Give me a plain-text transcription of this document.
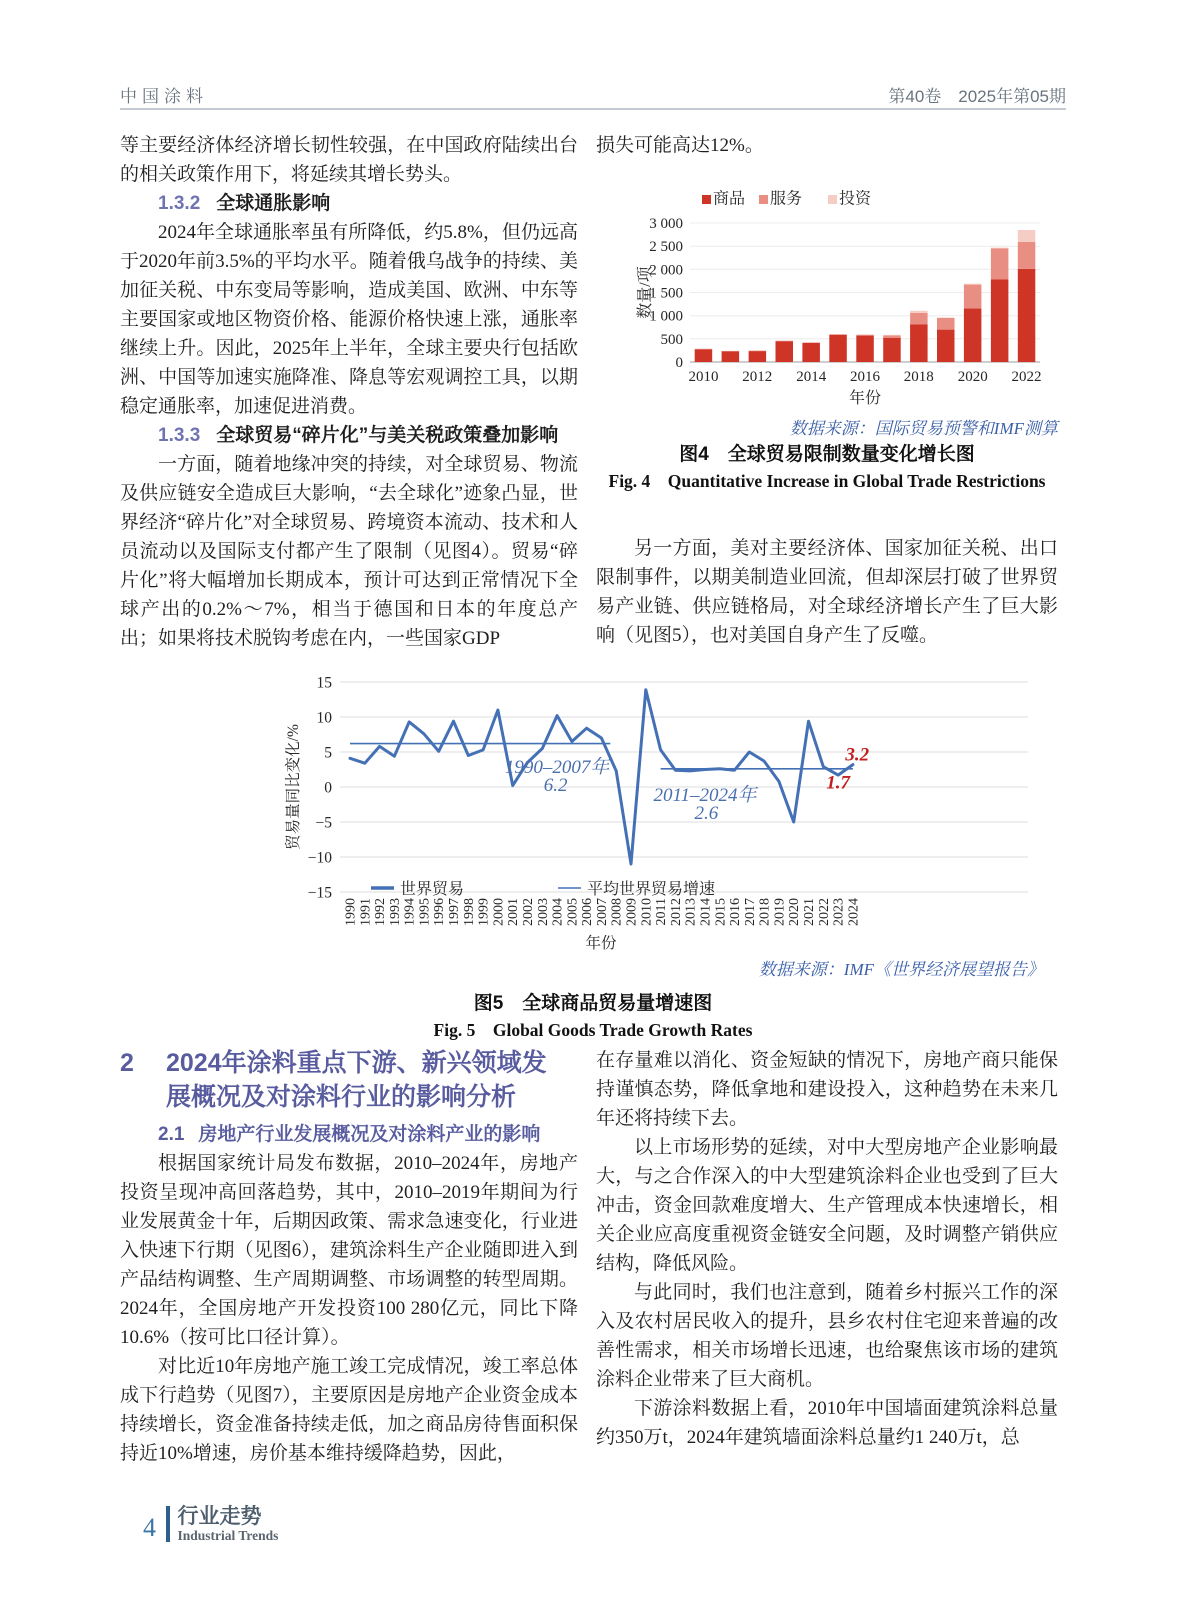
中国涂料	第40卷　2025年第05期

等主要经济体经济增长韧性较强，在中国政府陆续出台的相关政策作用下，将延续其增长势头。

1.3.2 全球通胀影响

2024年全球通胀率虽有所降低，约5.8%，但仍远高于2020年前3.5%的平均水平。随着俄乌战争的持续、美加征关税、中东变局等影响，造成美国、欧洲、中东等主要国家或地区物资价格、能源价格快速上涨，通胀率继续上升。因此，2025年上半年，全球主要央行包括欧洲、中国等加速实施降准、降息等宏观调控工具，以期稳定通胀率，加速促进消费。

1.3.3 全球贸易“碎片化”与美关税政策叠加影响

一方面，随着地缘冲突的持续，对全球贸易、物流及供应链安全造成巨大影响，“去全球化”迹象凸显，世界经济“碎片化”对全球贸易、跨境资本流动、技术和人员流动以及国际支付都产生了限制（见图4）。贸易“碎片化”将大幅增加长期成本，预计可达到正常情况下全球产出的0.2%～7%，相当于德国和日本的年度总产出；如果将技术脱钩考虑在内，一些国家GDP

损失可能高达12%。

0
500
1 000
1 500
2 000
2 500
3 000
商品 服务 投资
2010 2012 2014 2016 2018 2020 2022
年份
数量/项
数据来源：国际贸易预警和IMF测算
图4　全球贸易限制数量变化增长图
Fig. 4　Quantitative Increase in Global Trade Restrictions

另一方面，美对主要经济体、国家加征关税、出口限制事件，以期美制造业回流，但却深层打破了世界贸易产业链、供应链格局，对全球经济增长产生了巨大影响（见图5），也对美国自身产生了反噬。

15
10
5
0
−5
−10
−15
1990 1991 1992 1993 1994 1995 1996 1997 1998 1999 2000 2001 2002 2003 2004 2005 2006 2007 2008 2009 2010 2011 2012 2013 2014 2015 2016 2017 2018 2019 2020 2021 2022 2023 2024
年份
贸易量同比变化/%
世界贸易	平均世界贸易增速
1990–2007年
6.2	2011–2024年
2.6
3.2
1.7
数据来源：IMF《世界经济展望报告》
图5　全球商品贸易量增速图
Fig. 5　Global Goods Trade Growth Rates
2	2024年涂料重点下游、新兴领域发展概况及对涂料行业的影响分析

2.1 房地产行业发展概况及对涂料产业的影响

根据国家统计局发布数据，2010–2024年，房地产投资呈现冲高回落趋势，其中，2010–2019年期间为行业发展黄金十年，后期因政策、需求急速变化，行业进入快速下行期（见图6），建筑涂料生产企业随即进入到产品结构调整、生产周期调整、市场调整的转型周期。2024年，全国房地产开发投资100 280亿元，同比下降10.6%（按可比口径计算）。

对比近10年房地产施工竣工完成情况，竣工率总体成下行趋势（见图7），主要原因是房地产企业资金成本持续增长，资金准备持续走低，加之商品房待售面积保持近10%增速，房价基本维持缓降趋势，因此，

在存量难以消化、资金短缺的情况下，房地产商只能保持谨慎态势，降低拿地和建设投入，这种趋势在未来几年还将持续下去。

以上市场形势的延续，对中大型房地产企业影响最大，与之合作深入的中大型建筑涂料企业也受到了巨大冲击，资金回款难度增大、生产管理成本快速增长，相关企业应高度重视资金链安全问题，及时调整产销供应结构，降低风险。

与此同时，我们也注意到，随着乡村振兴工作的深入及农村居民收入的提升，县乡农村住宅迎来普遍的改善性需求，相关市场增长迅速，也给聚焦该市场的建筑涂料企业带来了巨大商机。

下游涂料数据上看，2010年中国墙面建筑涂料总量约350万t，2024年建筑墙面涂料总量约1 240万t，总

4 行业走势
Industrial Trends
